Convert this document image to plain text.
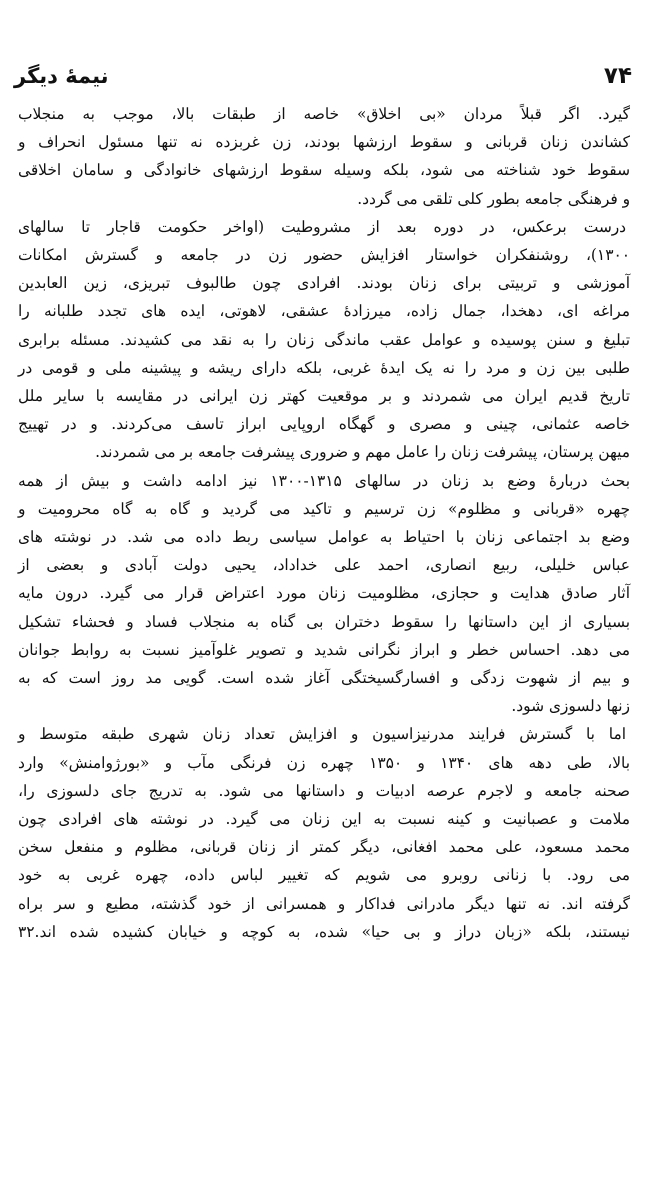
۷۴
نیمهٔ دیگر
گیرد. اگر قبلاً مردان «بی اخلاق» خاصه از طبقات بالا، موجب به منجلاب
کشاندن زنان قربانی و سقوط ارزشها بودند، زن غربزده نه تنها مسئول انحراف و
سقوط خود شناخته می شود، بلکه وسیله سقوط ارزشهای خانوادگی و سامان اخلاقی
و فرهنگی جامعه بطور کلی تلقی می گردد.
درست برعکس، در دوره بعد از مشروطیت (اواخر حکومت قاجار تا سالهای
۱۳۰۰)، روشنفکران خواستار افزایش حضور زن در جامعه و گسترش امکانات
آموزشی و تربیتی برای زنان بودند. افرادی چون طالبوف تبریزی، زین العابدین
مراغه ای، دهخدا، جمال زاده، میرزادهٔ عشقی، لاهوتی، ایده های تجدد طلبانه را
تبلیغ و سنن پوسیده و عوامل عقب ماندگی زنان را به نقد می کشیدند. مسئله برابری
طلبی بین زن و مرد را نه یک ایدهٔ غربی، بلکه دارای ریشه و پیشینه ملی و قومی در
تاریخ قدیم ایران می شمردند و بر موقعیت کهتر زن ایرانی در مقایسه با سایر ملل
خاصه عثمانی، چینی و مصری و گهگاه اروپایی ابراز تاسف می‌کردند. و در تهییج
میهن پرستان، پیشرفت زنان را عامل مهم و ضروری پیشرفت جامعه بر می شمردند.
بحث دربارهٔ وضع بد زنان در سالهای ۱۳۱۵-۱۳۰۰ نیز ادامه داشت و بیش از همه
چهره «قربانی و مظلوم» زن ترسیم و تاکید می گردید و گاه به گاه محرومیت و
وضع بد اجتماعی زنان با احتیاط به عوامل سیاسی ربط داده می شد. در نوشته های
عباس خلیلی، ربیع انصاری، احمد علی خداداد، یحیی دولت آبادی و بعضی از
آثار صادق هدایت و حجازی، مظلومیت زنان مورد اعتراض قرار می گیرد. درون مایه
بسیاری از این داستانها را سقوط دختران بی گناه به منجلاب فساد و فحشاء تشکیل
می دهد. احساس خطر و ابراز نگرانی شدید و تصویر غلوآمیز نسبت به روابط جوانان
و بیم از شهوت زدگی و افسارگسیختگی آغاز شده است. گویی مد روز است که به
زنها دلسوزی شود.
اما با گسترش فرایند مدرنیزاسیون و افزایش تعداد زنان شهری طبقه متوسط و
بالا، طی دهه های ۱۳۴۰ و ۱۳۵۰ چهره زن فرنگی مآب و «بورژوامنش» وارد
صحنه جامعه و لاجرم عرصه ادبیات و داستانها می شود. به تدریج جای دلسوزی را،
ملامت و عصبانیت و کینه نسبت به این زنان می گیرد. در نوشته های افرادی چون
محمد مسعود، علی محمد افغانی، دیگر کمتر از زنان قربانی، مظلوم و منفعل سخن
می رود. با زنانی روبرو می شویم که تغییر لباس داده، چهره غربی به خود
گرفته اند. نه تنها دیگر مادرانی فداکار و همسرانی از خود گذشته، مطیع و سر براه
نیستند، بلکه «زبان دراز و بی حیا» شده، به کوچه و خیابان کشیده شده اند.۳۲
